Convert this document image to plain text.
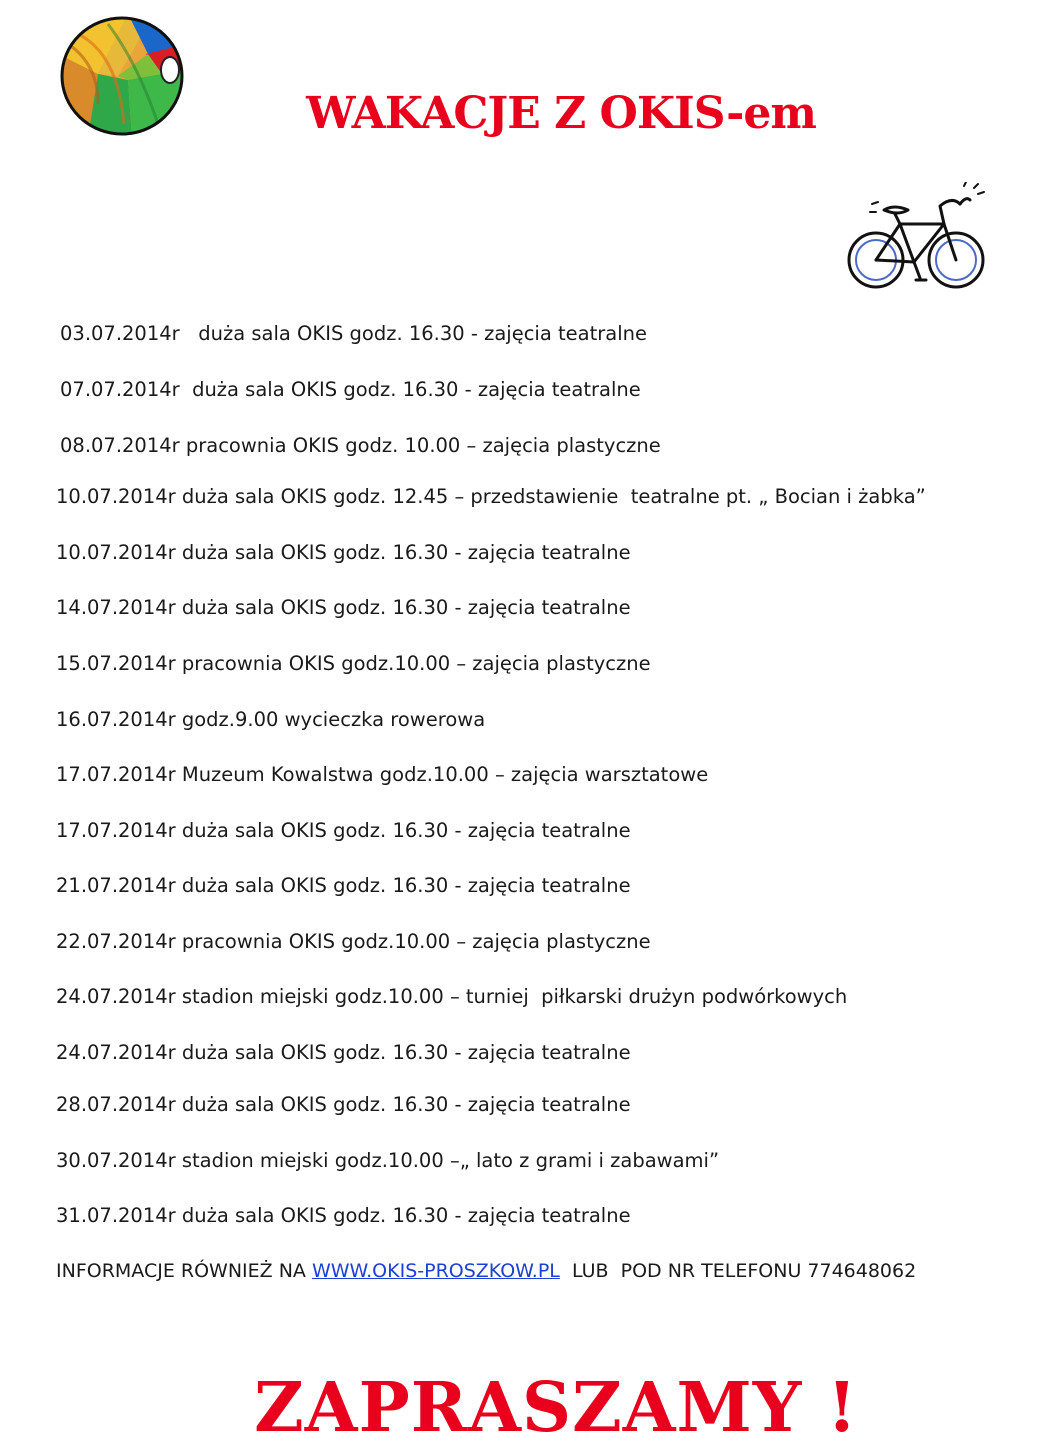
WAKACJE Z OKIS-em
03.07.2014r   duża sala OKIS godz. 16.30 - zajęcia teatralne
07.07.2014r  duża sala OKIS godz. 16.30 - zajęcia teatralne
08.07.2014r pracownia OKIS godz. 10.00 – zajęcia plastyczne
10.07.2014r duża sala OKIS godz. 12.45 – przedstawienie  teatralne pt. „ Bocian i żabka”
10.07.2014r duża sala OKIS godz. 16.30 - zajęcia teatralne
14.07.2014r duża sala OKIS godz. 16.30 - zajęcia teatralne
15.07.2014r pracownia OKIS godz.10.00 – zajęcia plastyczne
16.07.2014r godz.9.00 wycieczka rowerowa
17.07.2014r Muzeum Kowalstwa godz.10.00 – zajęcia warsztatowe
17.07.2014r duża sala OKIS godz. 16.30 - zajęcia teatralne
21.07.2014r duża sala OKIS godz. 16.30 - zajęcia teatralne
22.07.2014r pracownia OKIS godz.10.00 – zajęcia plastyczne
24.07.2014r stadion miejski godz.10.00 – turniej  piłkarski drużyn podwórkowych
24.07.2014r duża sala OKIS godz. 16.30 - zajęcia teatralne
28.07.2014r duża sala OKIS godz. 16.30 - zajęcia teatralne
30.07.2014r stadion miejski godz.10.00 –„ lato z grami i zabawami”
31.07.2014r duża sala OKIS godz. 16.30 - zajęcia teatralne
INFORMACJE RÓWNIEŻ NA WWW.OKIS-PROSZKOW.PL  LUB  POD NR TELEFONU 774648062
ZAPRASZAMY !
